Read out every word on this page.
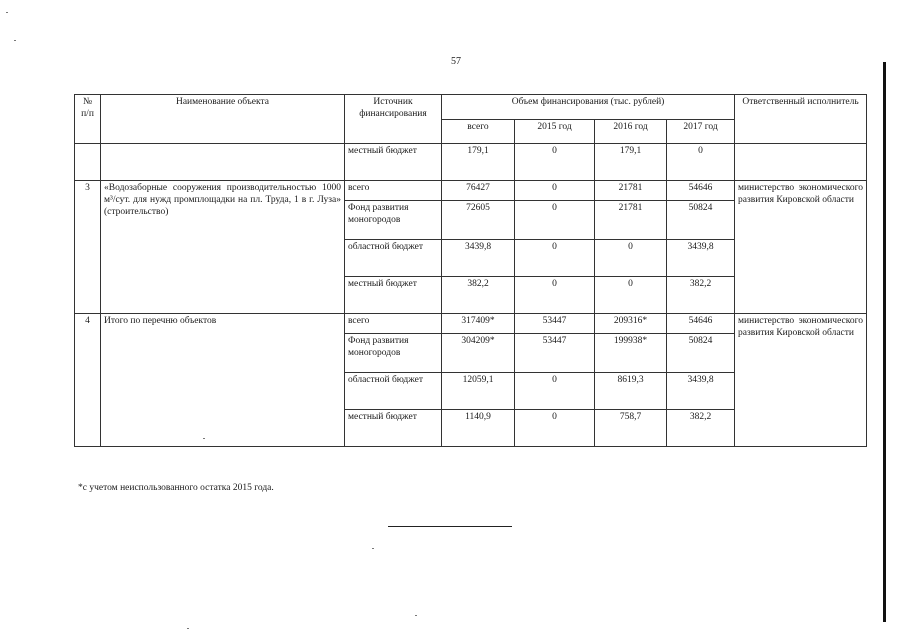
57
№ п/п	Наименование объекта	Источник финансирования	Объем финансирования (тыс. рублей)				Ответственный исполнитель
			всего	2015 год	2016 год	2017 год	
		местный бюджет	179,1	0	179,1	0	
3	«Водозаборные сооружения производительностью 1000 м³/сут. для нужд промплощадки на пл. Труда, 1 в г. Луза» (строительство)	всего	76427	0	21781	54646	министерство экономического развития Кировской области
		Фонд развития моногородов	72605	0	21781	50824	
		областной бюджет	3439,8	0	0	3439,8	
		местный бюджет	382,2	0	0	382,2	
4	Итого по перечню объектов	всего	317409*	53447	209316*	54646	министерство экономического развития Кировской области
		Фонд развития моногородов	304209*	53447	199938*	50824	
		областной бюджет	12059,1	0	8619,3	3439,8	
		местный бюджет	1140,9	0	758,7	382,2	
*с учетом неиспользованного остатка 2015 года.
